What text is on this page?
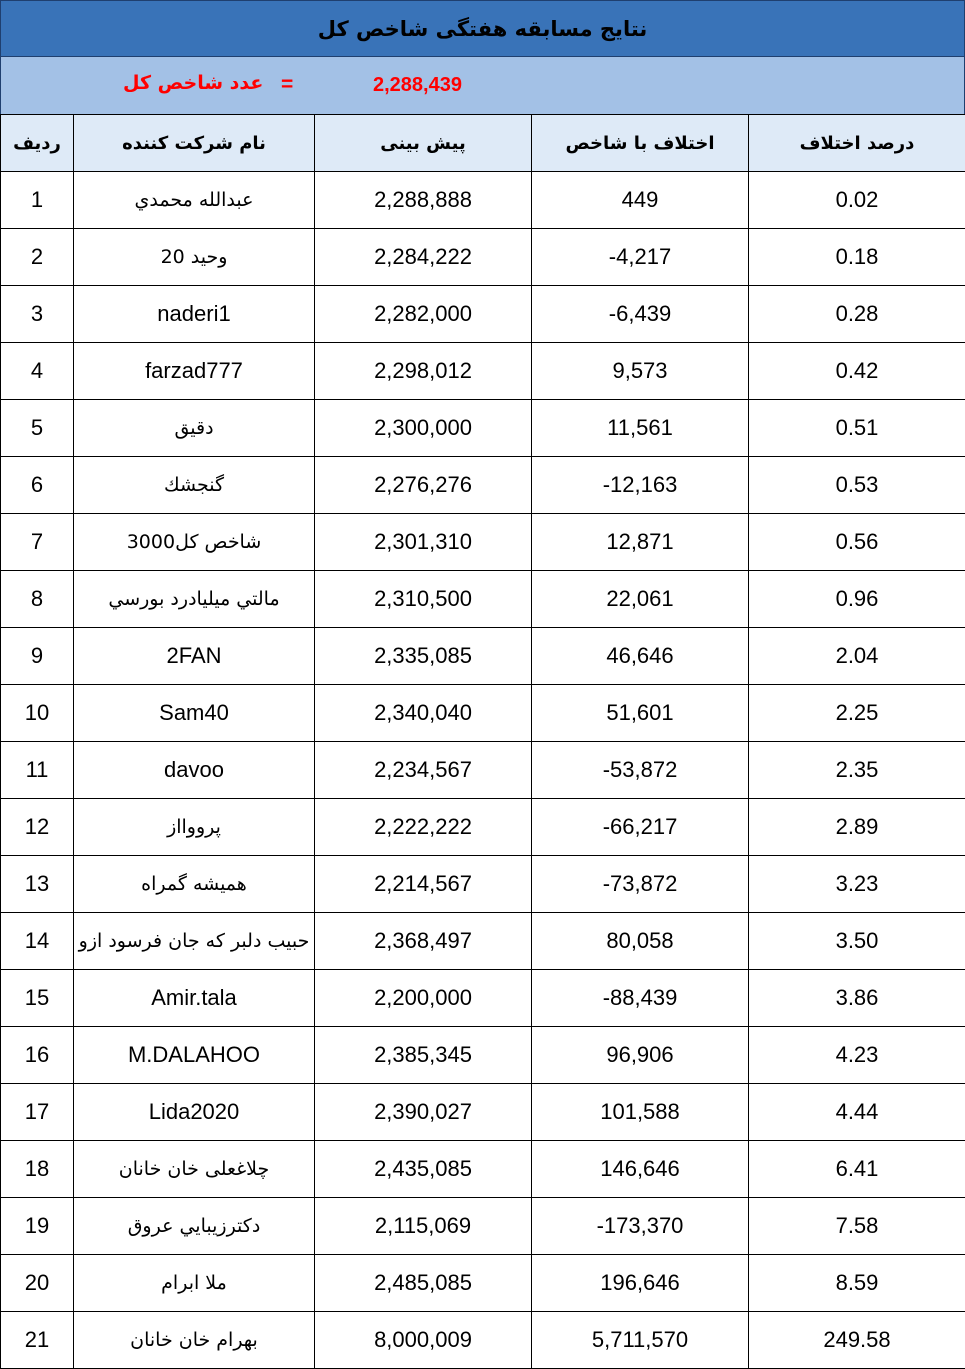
نتایج مسابقه هفتگی شاخص کل
عدد شاخص کل =	2,288,439
ردیف	نام شرکت کننده	پیش بینی	اختلاف با شاخص	درصد اختلاف
1	عبدالله محمدي	2,288,888	449	0.02
2	وحید 20	2,284,222	-4,217	0.18
3	naderi1	2,282,000	-6,439	0.28
4	farzad777	2,298,012	9,573	0.42
5	دقیق	2,300,000	11,561	0.51
6	گنجشك	2,276,276	-12,163	0.53
7	شاخص کل3000	2,301,310	12,871	0.56
8	مالتي ميليادرد بورسي	2,310,500	22,061	0.96
9	2FAN	2,335,085	46,646	2.04
10	Sam40	2,340,040	51,601	2.25
11	davoo	2,234,567	-53,872	2.35
12	پرووااز	2,222,222	-66,217	2.89
13	همیشه گمراه	2,214,567	-73,872	3.23
14	حبیب دلبر که جان فرسود ازو	2,368,497	80,058	3.50
15	Amir.tala	2,200,000	-88,439	3.86
16	M.DALAHOO	2,385,345	96,906	4.23
17	Lida2020	2,390,027	101,588	4.44
18	چلاغعلی خان خانان	2,435,085	146,646	6.41
19	دكترزيبايي عروق	2,115,069	-173,370	7.58
20	ملا ابرام	2,485,085	196,646	8.59
21	بهرام خان خانان	8,000,009	5,711,570	249.58
